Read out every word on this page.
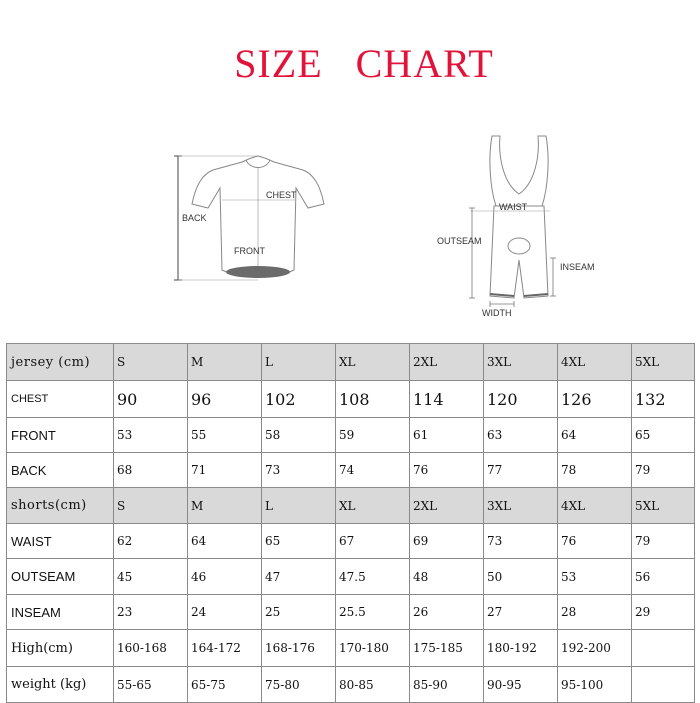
SIZE   CHART
CHEST
BACK
FRONT
WAIST
OUTSEAM
INSEAM
WIDTH
jersey (cm)	S	M	L	XL	2XL	3XL	4XL	5XL
CHEST	90	96	102	108	114	120	126	132
FRONT	53	55	58	59	61	63	64	65
BACK	68	71	73	74	76	77	78	79
shorts(cm)	S	M	L	XL	2XL	3XL	4XL	5XL
WAIST	62	64	65	67	69	73	76	79
OUTSEAM	45	46	47	47.5	48	50	53	56
INSEAM	23	24	25	25.5	26	27	28	29
High(cm)	160-168	164-172	168-176	170-180	175-185	180-192	192-200	
weight (kg)	55-65	65-75	75-80	80-85	85-90	90-95	95-100	
